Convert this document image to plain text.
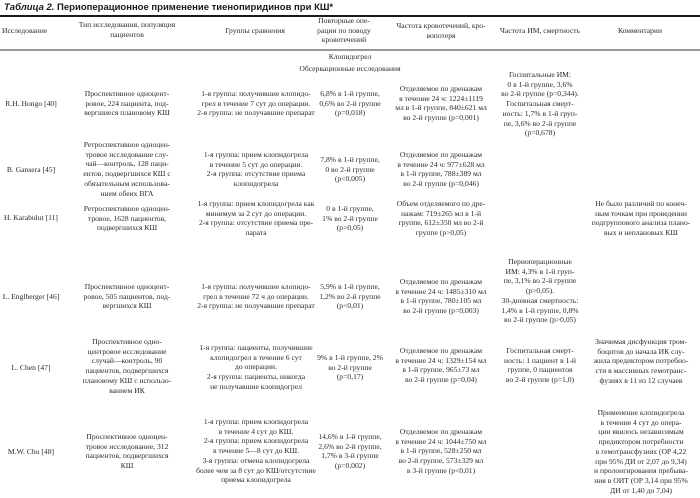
Таблица 2. Периоперационное применение тиенопиридинов при КШ*
Исследование
Тип исследования, популяция
пациентов	Группы сравнения
Повторные опе-
рации по поводу
кровотечений
Частота кровотечений, кро-
вопотеря
Частота ИМ, смертность	Комментарии
Клопидогрел
Обсервационные исследования
R.H. Hongo [40]
Проспективное одноцент-
ровое, 224 пациента, под-
вергшиеся плановому КШ
1-я группа: получившие клопидо-
грел в течение 7 сут до операции.
2-я группа: не получавшие препарат
6,8% в 1-й группе,
0,6% во 2-й группе
(p=0,018)
Отделяемое по дренажам
в течение 24 ч: 1224±1119
мл в 1-й группе, 840±621 мл
во 2-й группе (p=0,001)
Госпитальные ИМ:
0 в 1-й группе, 3,6%
во 2-й группе (p=0,344).
Госпитальная смерт-
ность: 1,7% в 1-й груп-
пе, 3,6% во 2-й группе
(p=0,678)
B. Gansera [45]
Ретроспективное одноцен-
тровое исследование слу-
чай—контроль, 128 паци-
ентов, подвергшихся КШ с
обязательным использова-
нием обеих ВГА
1-я группа: прием клопидогрела
в течение 5 сут до операции.
2-я группа: отсутствие приема
клопидогрела
7,8% в 1-й группе,
0 во 2-й группе
(p<0,005)
Отделяемое по дренажам
в течение 24 ч: 977±628 мл
в 1-й группе, 788±389 мл
во 2-й группе (p=0,046)
H. Karabulut [11]
Ретроспективное одноцен-
тровое, 1628 пациентов,
подвергшихся КШ
1-я группа: прием клопидогрела как
минимум за 2 сут до операции.
2-я группа: отсутствие приема пре-
парата
0 в 1-й группе,
1% во 2-й группе
(p>0,05)
Объем отделяемого по дре-
нажам: 719±265 мл в 1-й
группе, 612±350 мл во 2-й
группе (p>0,05)
Не было различий по конеч-
ным точкам при проведении
подгруппового анализа плано-
вых и неплановых КШ
L. Englberger [46]
Проспективное одноцент-
ровое, 505 пациентов, под-
вергшихся КШ
1-я группа: получившие клопидо-
грел в течение 72 ч до операции.
2-я группа: не получавшие препарат
5,9% в 1-й группе,
1,2% во 2-й группе
(p<0,01)
Отделяемое по дренажам
в течение 24 ч: 1485±310 мл
в 1-й группе, 780±105 мл
во 2-й группе (p=0,003)
Периоперационные
ИМ: 4,3% в 1-й груп-
пе, 3,1% во 2-й группе
(p>0,05).
30-дневная смертность:
1,4% в 1-й группе, 0,8%
во 2-й группе (p>0,05)
L. Chen [47]
Проспективное одно-
центровое исследование
случай—контроль, 90
пациентов, подвергшихся
плановому КШ с использо-
ванием ИК
1-я группа: пациенты, получившие
клопидогрел в течение 6 сут
до операции.
2-я группа: пациенты, никогда
не получавшие клопидогрел
9% в 1-й группе, 2%
во 2-й группе
(p=0,17)
Отделяемое по дренажам
в течение 24 ч: 1329±154 мл
в 1-й группе, 965±73 мл
во 2-й группе (p=0,04)
Госпитальная смерт-
ность: 1 пациент в 1-й
группе, 0 пациентов
во 2-й группе (p=1,0)
Значимая дисфункция тром-
боцитов до начала ИК слу-
жила предиктором потребно-
сти в массивных гемотранс-
фузиях в 11 из 12 случаев
M.W. Chu [48]
Проспективное одноцен-
тровое исследование, 312
пациентов, подвергшихся
КШ
1-я группа: прием клопидогрела
в течение 4 сут до КШ.
2-я группа: прием клопидогрела
в течение 5—8 сут до КШ.
3-я группа: отмена клопидогрела
более чем за 8 сут до КШ/отсутствие
приема клопидогрела
14,6% в 1-й группе,
2,6% во 2-й группе,
1,7% в 3-й группе
(p=0,002)
Отделяемое по дренажам
в течение 24 ч: 1044±750 мл
в 1-й группе, 528±250 мл
во 2-й группе, 573±329 мл
в 3-й группе (p<0,01)
Применение клопидогрела
в течение 4 сут до опера-
ции явилось независимым
предиктором потребности
в гемотрансфузиях (ОР 4,22
при 95% ДИ от 2,07 до 9,34)
и пролонгирования пребыва-
ния в ОИТ (ОР 3,14 при 95%
ДИ от 1,40 до 7,04)
